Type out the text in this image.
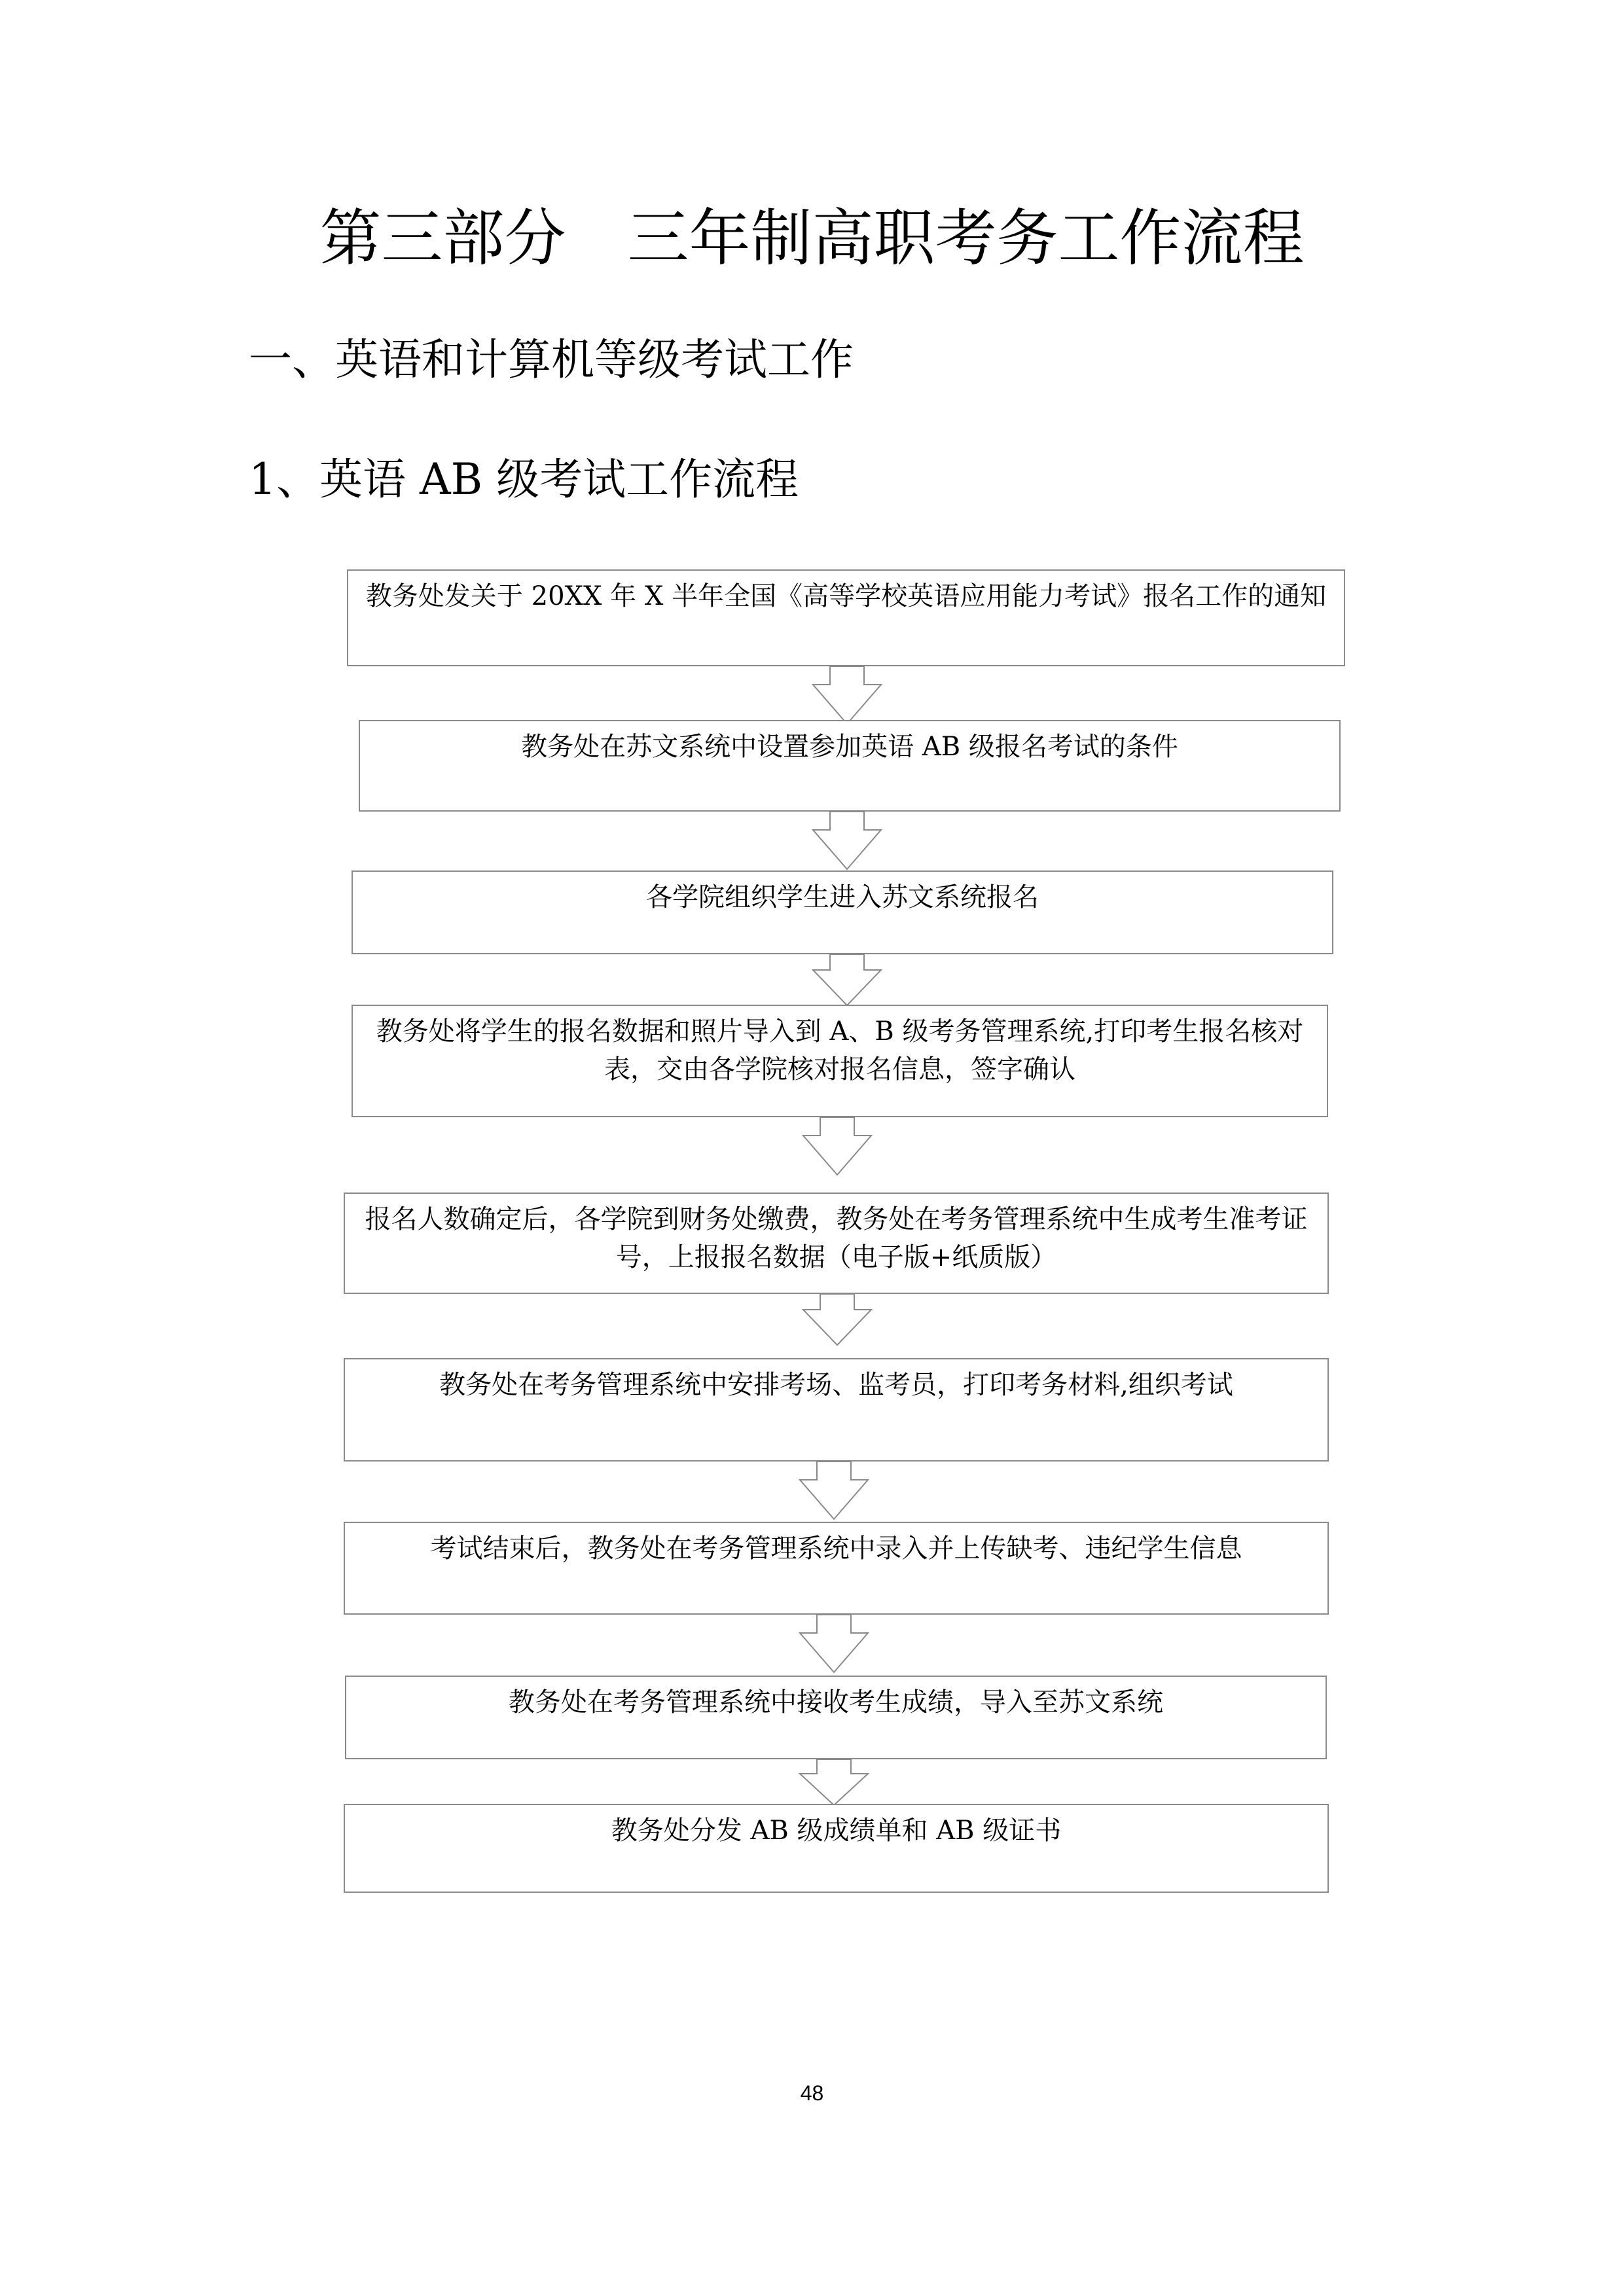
第三部分　三年制高职考务工作流程
一、英语和计算机等级考试工作
1、英语 AB 级考试工作流程
教务处发关于 20XX 年 X 半年全国《高等学校英语应用能力考试》报名工作的通知
教务处在苏文系统中设置参加英语 AB 级报名考试的条件
各学院组织学生进入苏文系统报名
教务处将学生的报名数据和照片导入到 A、B 级考务管理系统,打印考生报名核对表，交由各学院核对报名信息，签字确认
报名人数确定后，各学院到财务处缴费，教务处在考务管理系统中生成考生准考证号，上报报名数据（电子版+纸质版）
教务处在考务管理系统中安排考场、监考员，打印考务材料,组织考试
考试结束后，教务处在考务管理系统中录入并上传缺考、违纪学生信息
教务处在考务管理系统中接收考生成绩，导入至苏文系统
教务处分发 AB 级成绩单和 AB 级证书
48
